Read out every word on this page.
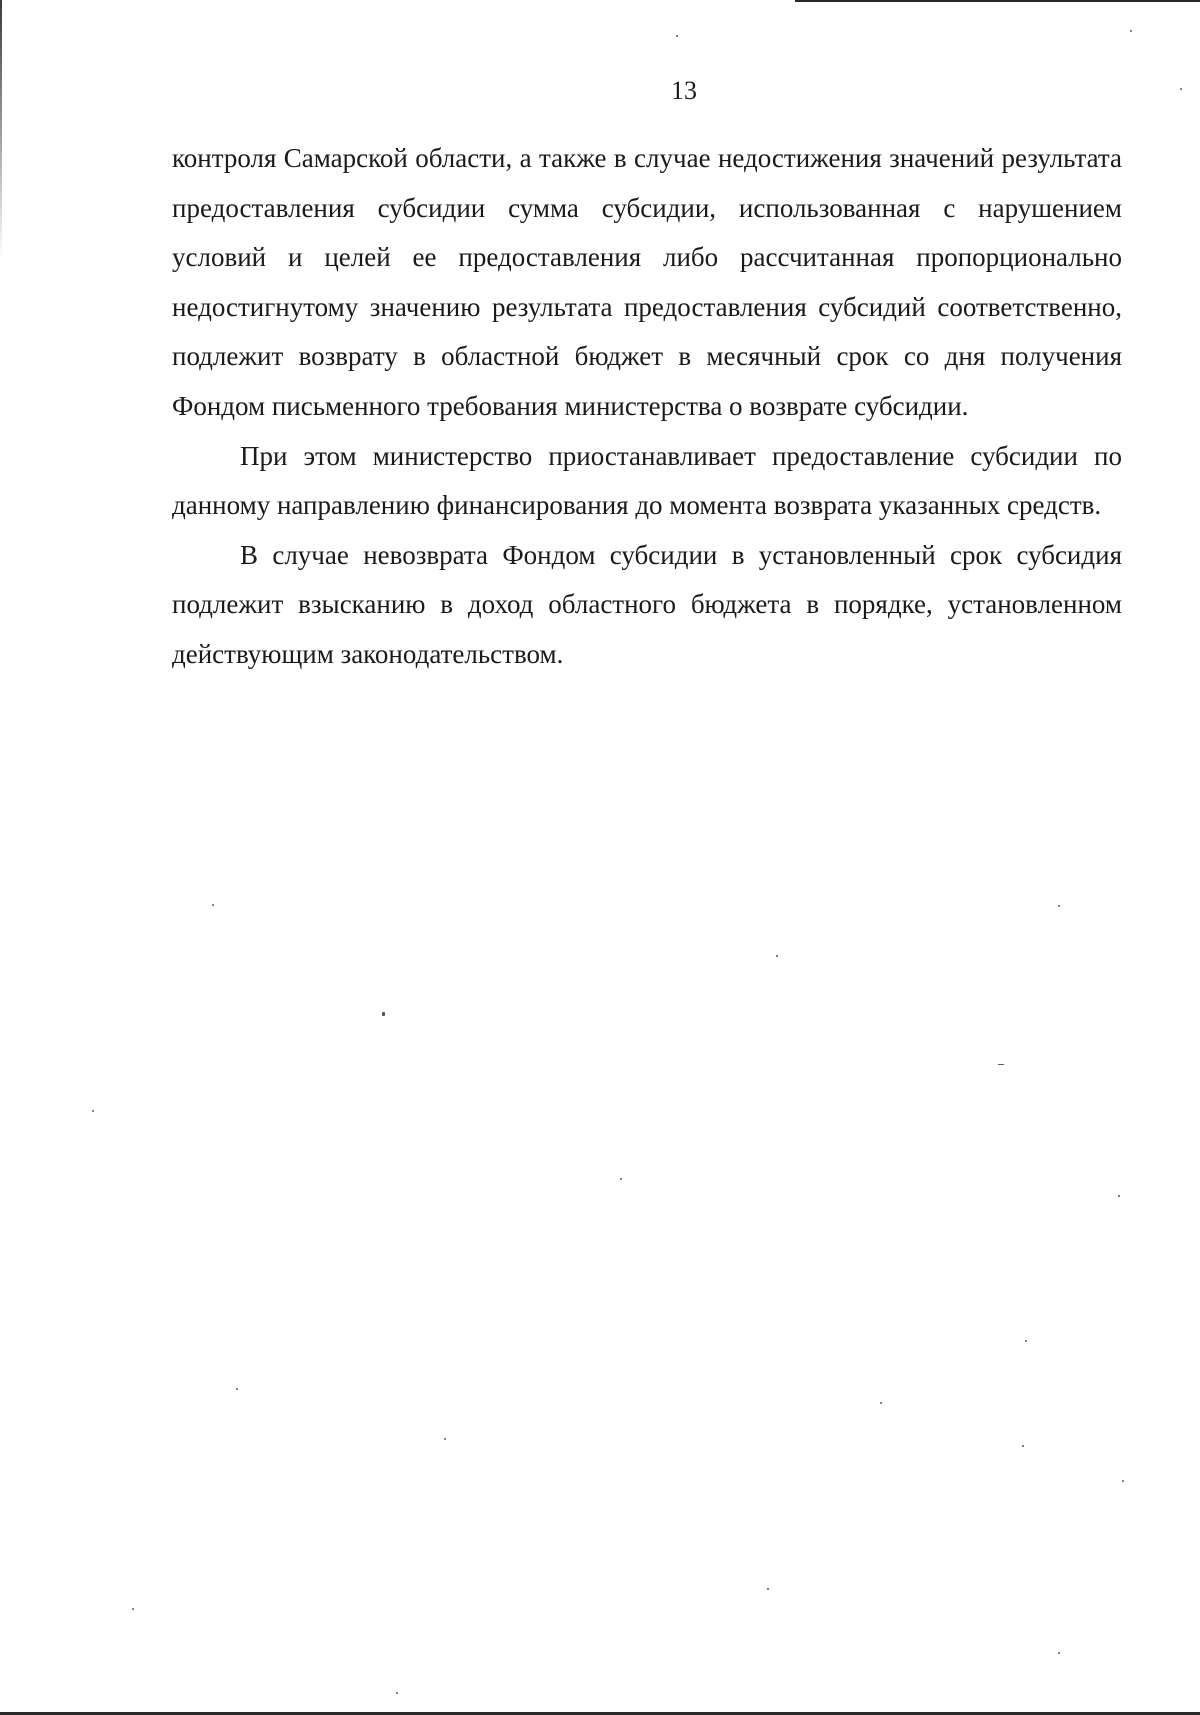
13

контроля Самарской области, а также в случае недостижения значений результата предоставления субсидии сумма субсидии, использованная с нарушением условий и целей ее предоставления либо рассчитанная пропорционально недостигнутому значению результата предоставления субсидий соответственно, подлежит возврату в областной бюджет в месячный срок со дня получения Фондом письменного требования министерства о возврате субсидии.

При этом министерство приостанавливает предоставление субсидии по данному направлению финансирования до момента возврата указанных средств.

В случае невозврата Фондом субсидии в установленный срок субсидия подлежит взысканию в доход областного бюджета в порядке, установленном действующим законодательством.
